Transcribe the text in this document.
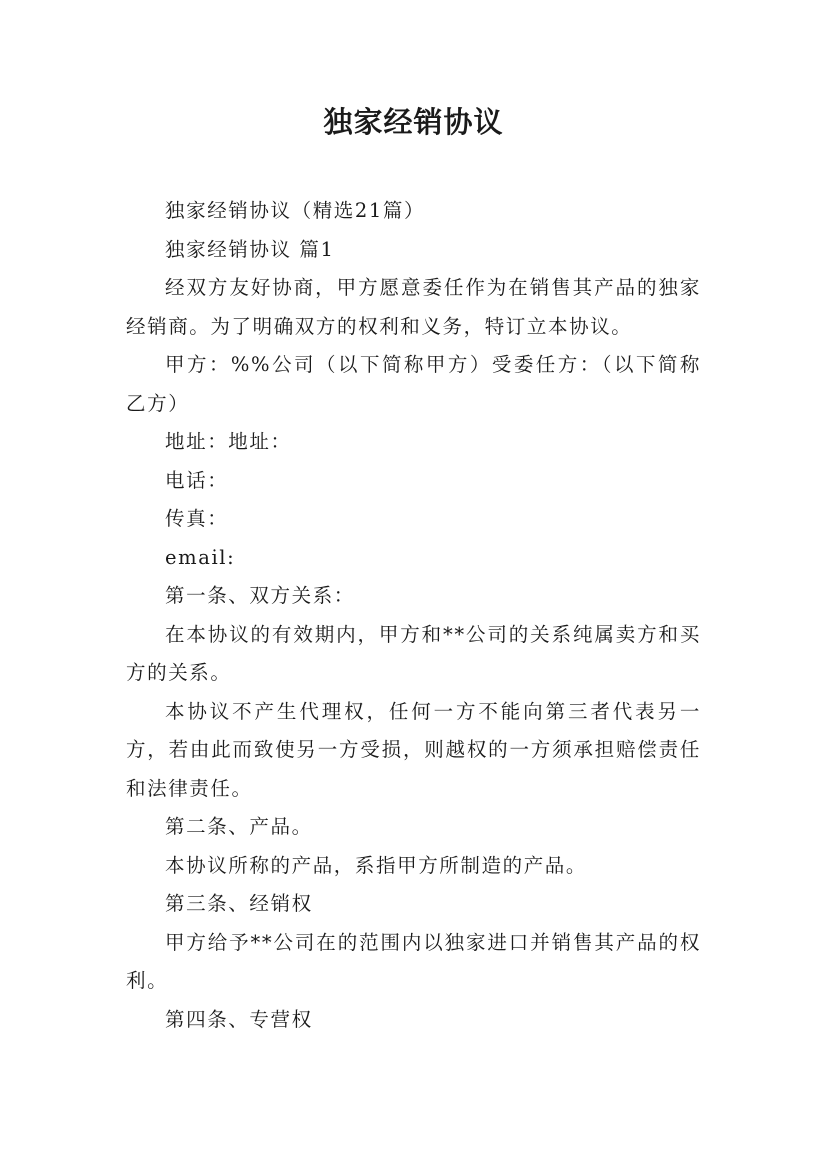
独家经销协议

独家经销协议（精选21篇）

独家经销协议 篇1

经双方友好协商，甲方愿意委任作为在销售其产品的独家经销商。为了明确双方的权利和义务，特订立本协议。

甲方：%%公司（以下简称甲方）受委任方：（以下简称乙方）

地址：地址：

电话：

传真：

email:

第一条、双方关系：

在本协议的有效期内，甲方和**公司的关系纯属卖方和买方的关系。

本协议不产生代理权，任何一方不能向第三者代表另一方，若由此而致使另一方受损，则越权的一方须承担赔偿责任和法律责任。

第二条、产品。

本协议所称的产品，系指甲方所制造的产品。

第三条、经销权

甲方给予**公司在的范围内以独家进口并销售其产品的权利。

第四条、专营权
